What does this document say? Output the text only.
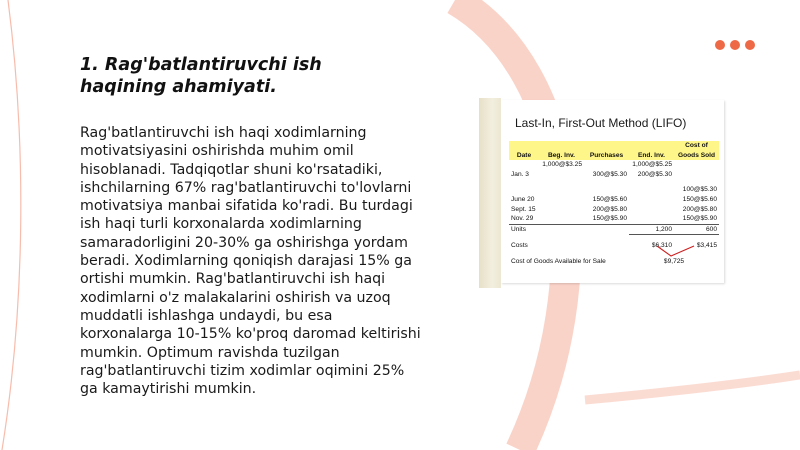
1. Rag'batlantiruvchi ish haqining ahamiyati.

Rag'batlantiruvchi ish haqi xodimlarning motivatsiyasini oshirishda muhim omil hisoblanadi. Tadqiqotlar shuni ko'rsatadiki, ishchilarning 67% rag'batlantiruvchi to'lovlarni motivatsiya manbai sifatida ko'radi. Bu turdagi ish haqi turli korxonalarda xodimlarning samaradorligini 20-30% ga oshirishga yordam beradi. Xodimlarning qoniqish darajasi 15% ga ortishi mumkin. Rag'batlantiruvchi ish haqi xodimlarni o'z malakalarini oshirish va uzoq muddatli ishlashga undaydi, bu esa korxonalarga 10-15% ko'proq daromad keltirishi mumkin. Optimum ravishda tuzilgan rag'batlantiruvchi tizim xodimlar oqimini 25% ga kamaytirishi mumkin.

Last-In, First-Out Method (LIFO)
				Cost of
Date	Beg. Inv.	Purchases	End. Inv.	Goods Sold
	1,000@$3.25		1,000@$5.25	
Jan. 3		300@$5.30	200@$5.30	

				100@$5.30
June 20		150@$5.60		150@$5.60
Sept. 15		200@$5.80		200@$5.80
Nov. 29		150@$5.90		150@$5.90
Units			1,200	600

Costs			$6,310	$3,415

Cost of Goods Available for Sale			$9,725	
